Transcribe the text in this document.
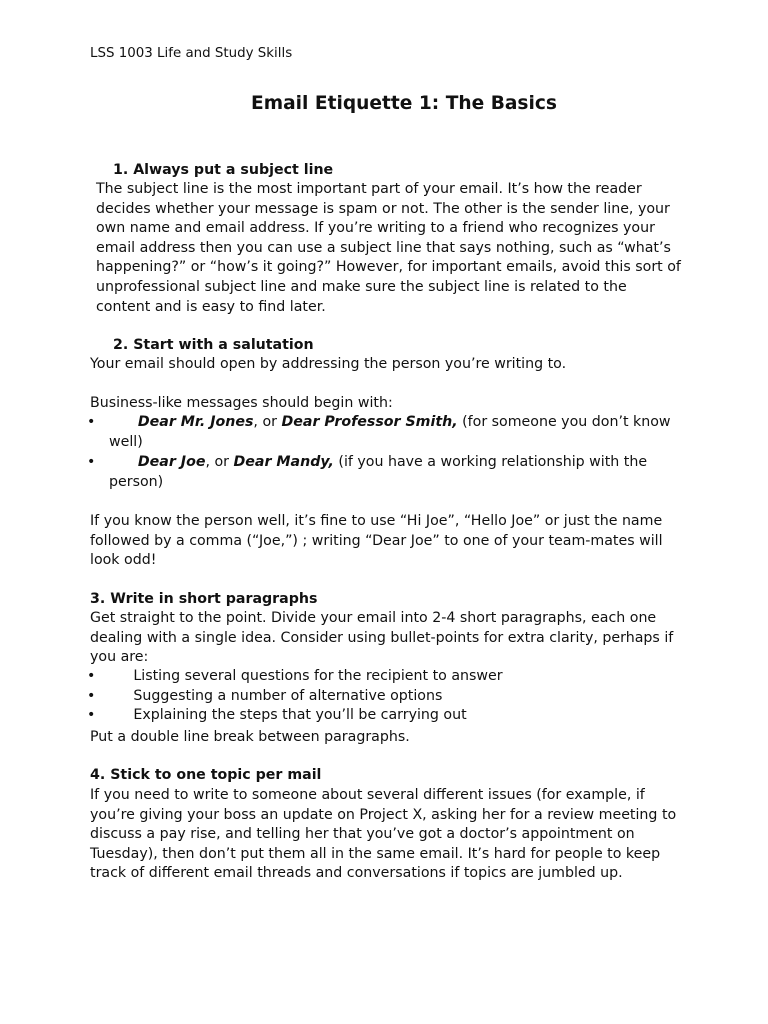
LSS 1003 Life and Study Skills
Email Etiquette 1: The Basics
1. Always put a subject line
The subject line is the most important part of your email. It’s how the reader
decides whether your message is spam or not. The other is the sender line, your
own name and email address. If you’re writing to a friend who recognizes your
email address then you can use a subject line that says nothing, such as “what’s
happening?” or “how’s it going?” However, for important emails, avoid this sort of
unprofessional subject line and make sure the subject line is related to the
content and is easy to find later.
2. Start with a salutation
Your email should open by addressing the person you’re writing to.
Business-like messages should begin with:
•	Dear Mr. Jones, or Dear Professor Smith, (for someone you don’t know
well)
•	Dear Joe, or Dear Mandy, (if you have a working relationship with the
person)
If you know the person well, it’s fine to use “Hi Joe”, “Hello Joe” or just the name
followed by a comma (“Joe,”) ; writing “Dear Joe” to one of your team-mates will
look odd!
3. Write in short paragraphs
Get straight to the point. Divide your email into 2-4 short paragraphs, each one
dealing with a single idea. Consider using bullet-points for extra clarity, perhaps if
you are:
•	Listing several questions for the recipient to answer
•	Suggesting a number of alternative options
•	Explaining the steps that you’ll be carrying out
Put a double line break between paragraphs.
4. Stick to one topic per mail
If you need to write to someone about several different issues (for example, if
you’re giving your boss an update on Project X, asking her for a review meeting to
discuss a pay rise, and telling her that you’ve got a doctor’s appointment on
Tuesday), then don’t put them all in the same email. It’s hard for people to keep
track of different email threads and conversations if topics are jumbled up.
